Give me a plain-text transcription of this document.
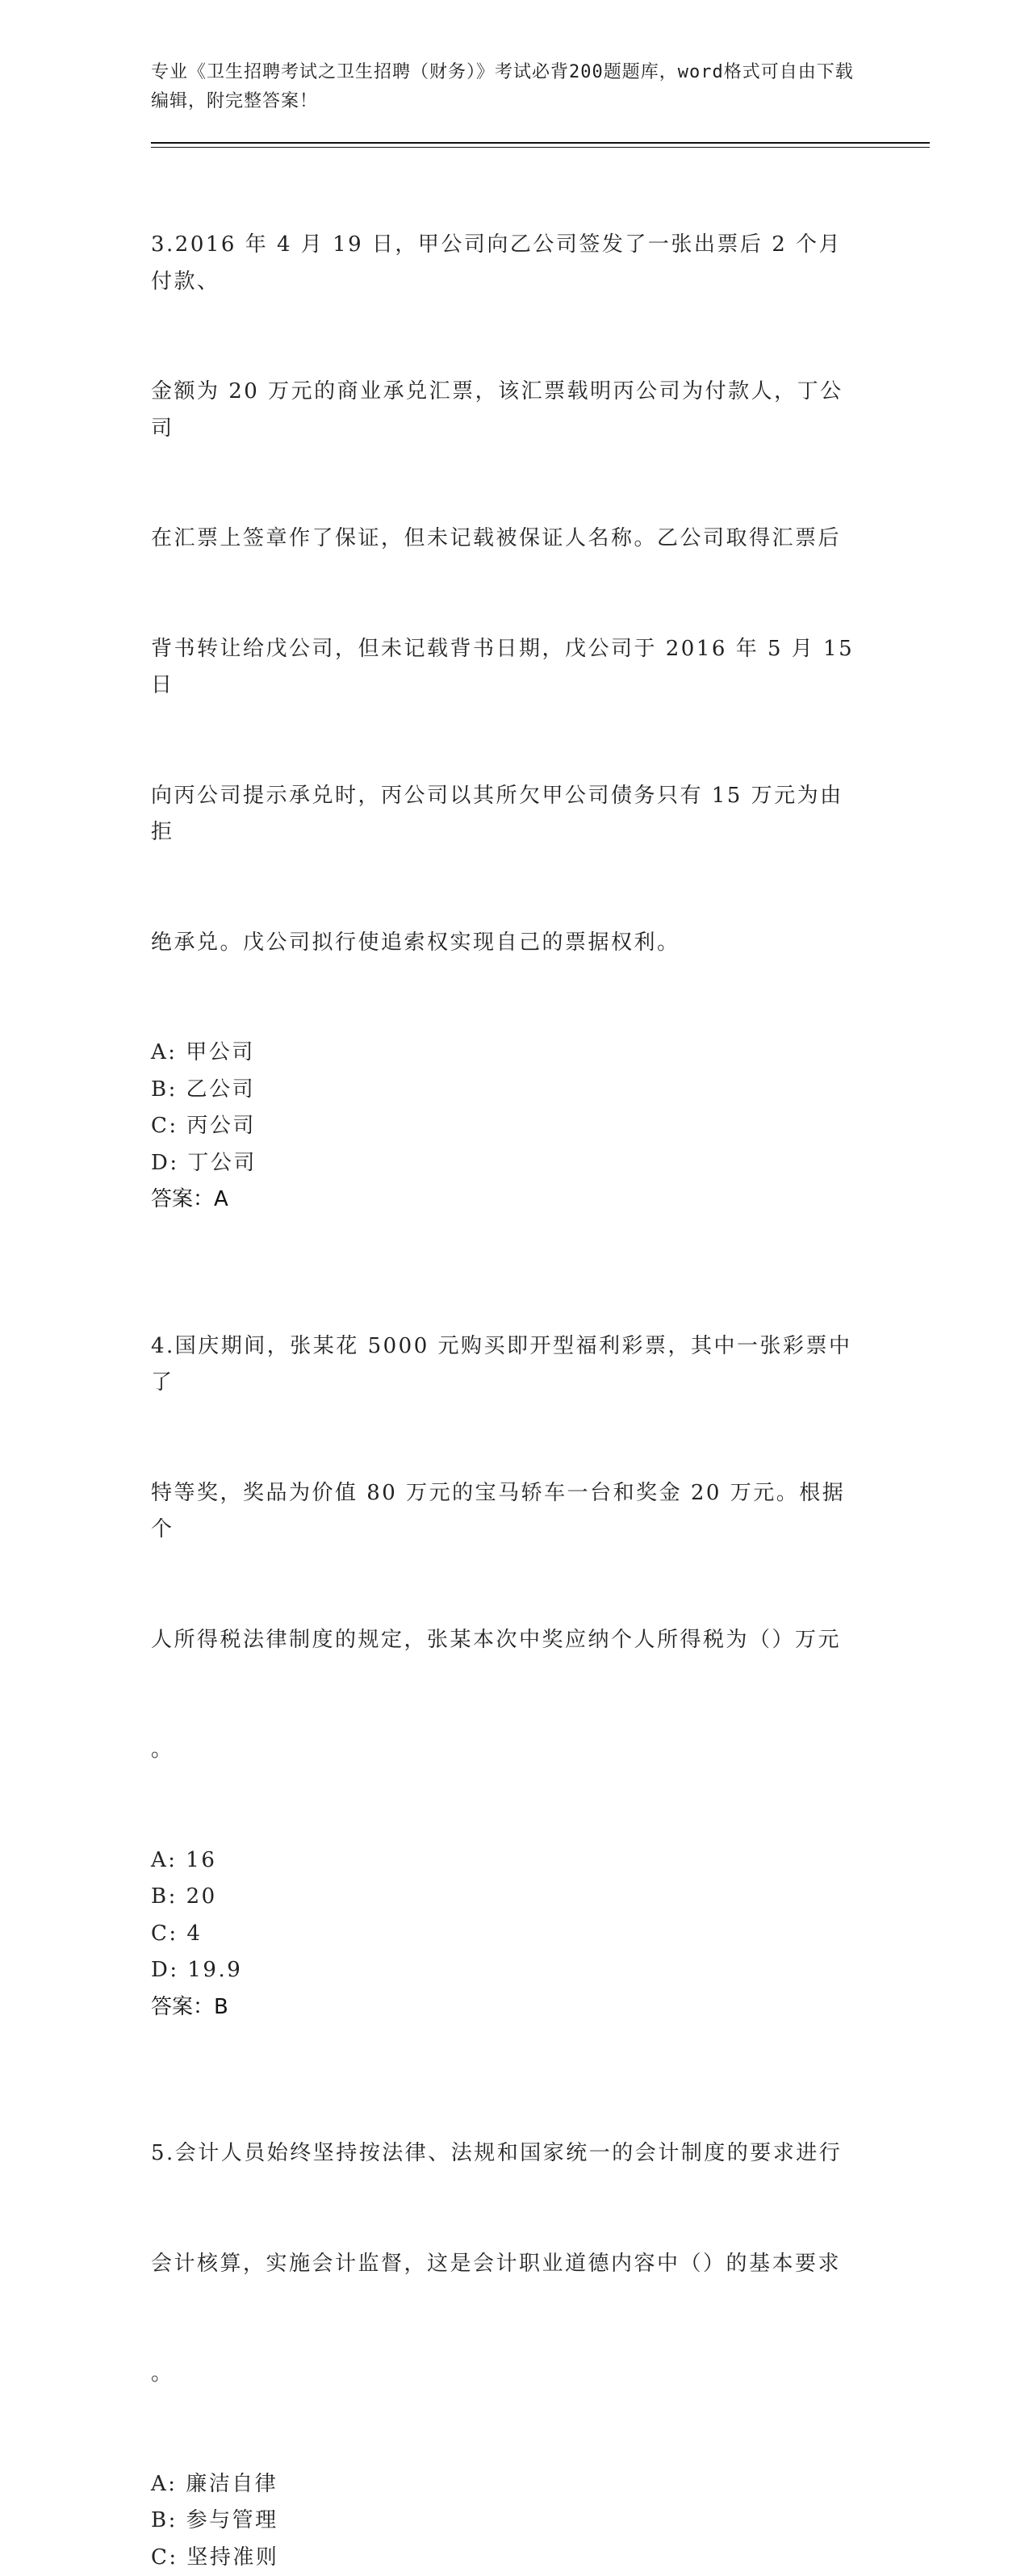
专业《卫生招聘考试之卫生招聘（财务）》考试必背200题题库，word格式可自由下载编辑，附完整答案！

3.2016 年 4 月 19 日，甲公司向乙公司签发了一张出票后 2 个月付款、

金额为 20 万元的商业承兑汇票，该汇票载明丙公司为付款人，丁公司

在汇票上签章作了保证，但未记载被保证人名称。乙公司取得汇票后

背书转让给戊公司，但未记载背书日期，戊公司于 2016 年 5 月 15 日

向丙公司提示承兑时，丙公司以其所欠甲公司债务只有 15 万元为由拒

绝承兑。戊公司拟行使追索权实现自己的票据权利。

A: 甲公司
B: 乙公司
C: 丙公司
D: 丁公司
答案：A

4.国庆期间，张某花 5000 元购买即开型福利彩票，其中一张彩票中了

特等奖，奖品为价值 80 万元的宝马轿车一台和奖金 20 万元。根据个

人所得税法律制度的规定，张某本次中奖应纳个人所得税为（）万元

。

A: 16
B: 20
C: 4
D: 19.9
答案：B

5.会计人员始终坚持按法律、法规和国家统一的会计制度的要求进行

会计核算，实施会计监督，这是会计职业道德内容中（）的基本要求

。

A: 廉洁自律
B: 参与管理
C: 坚持准则
